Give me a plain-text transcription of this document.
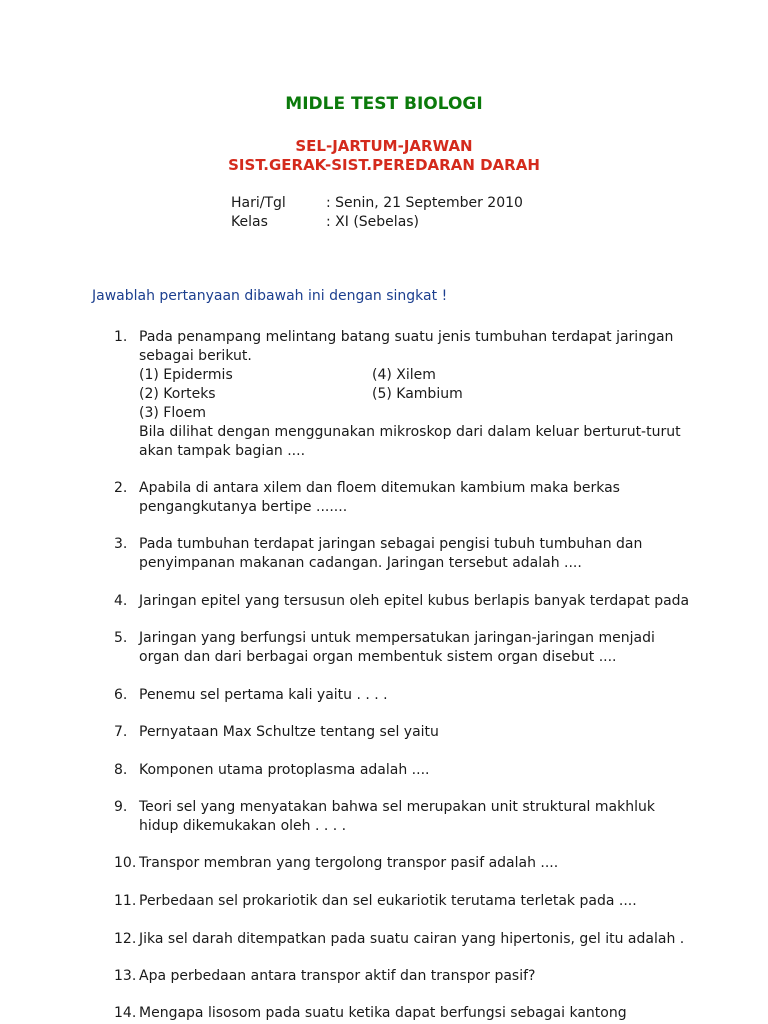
MIDLE TEST BIOLOGI
SEL-JARTUM-JARWAN
SIST.GERAK-SIST.PEREDARAN DARAH
Hari/Tgl	: Senin, 21 September 2010
Kelas	: XI (Sebelas)

Jawablah pertanyaan dibawah ini dengan singkat !

1. Pada penampang melintang batang suatu jenis tumbuhan terdapat jaringan
sebagai berikut.
(1) Epidermis	(4) Xilem
(2) Korteks	(5) Kambium
(3) Floem
Bila dilihat dengan menggunakan mikroskop dari dalam keluar berturut-turut
akan tampak bagian ....
2. Apabila di antara xilem dan floem ditemukan kambium maka berkas
pengangkutanya bertipe .......
3. Pada tumbuhan terdapat jaringan sebagai pengisi tubuh tumbuhan dan
penyimpanan makanan cadangan. Jaringan tersebut adalah ....
4. Jaringan epitel yang tersusun oleh epitel kubus berlapis banyak terdapat pada
5. Jaringan yang berfungsi untuk mempersatukan jaringan-jaringan menjadi
organ dan dari berbagai organ membentuk sistem organ disebut ....
6. Penemu sel pertama kali yaitu . . . .
7. Pernyataan Max Schultze tentang sel yaitu
8. Komponen utama protoplasma adalah ....
9. Teori sel yang menyatakan bahwa sel merupakan unit struktural makhluk
hidup dikemukakan oleh . . . .
10. Transpor membran yang tergolong transpor pasif adalah ....
11. Perbedaan sel prokariotik dan sel eukariotik terutama terletak pada ....
12. Jika sel darah ditempatkan pada suatu cairan yang hipertonis, gel itu adalah .
13. Apa perbedaan antara transpor aktif dan transpor pasif?
14. Mengapa lisosom pada suatu ketika dapat berfungsi sebagai kantong
